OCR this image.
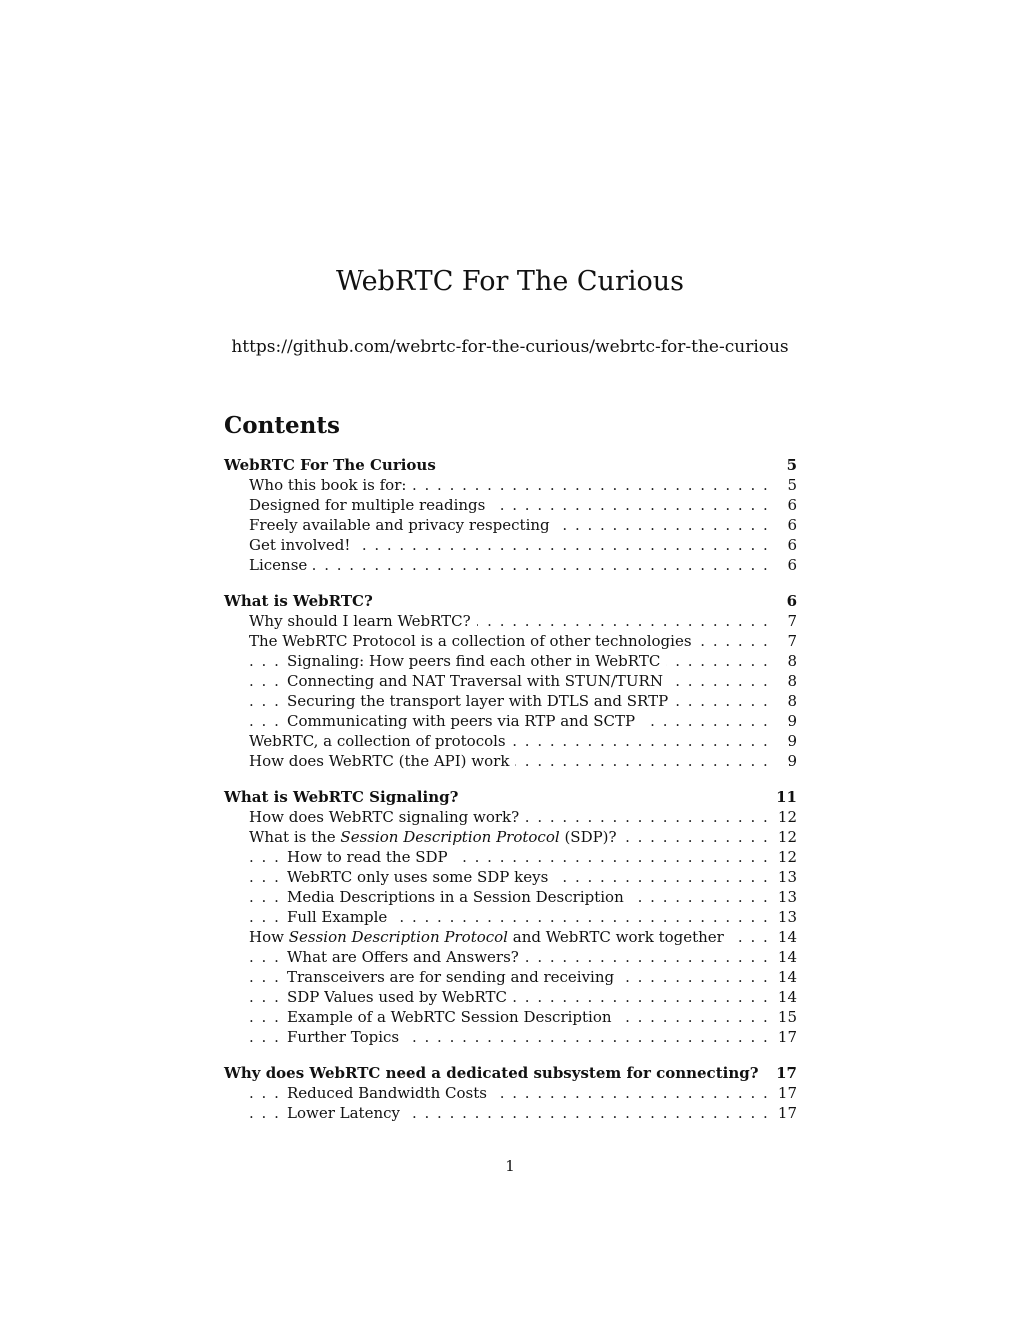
WebRTC For The Curious
https://github.com/webrtc-for-the-curious/webrtc-for-the-curious
Contents
WebRTC For The Curious	5
. . .
Who this book is for:	5
. . .
Designed for multiple readings	6
. . .
Freely available and privacy respecting	6
. . .
Get involved!	6
. . .
License	6
What is WebRTC?	6
. . .
Why should I learn WebRTC?	7
. . .
The WebRTC Protocol is a collection of other technologies	7
. . .
Signaling: How peers find each other in WebRTC	8
. . .
Connecting and NAT Traversal with STUN/TURN	8
. . .
Securing the transport layer with DTLS and SRTP	8
. . .
Communicating with peers via RTP and SCTP	9
. . .
WebRTC, a collection of protocols	9
. . .
How does WebRTC (the API) work	9
What is WebRTC Signaling?	11
. . .
How does WebRTC signaling work?	12
. . .
What is the Session Description Protocol (SDP)?	12
. . .
How to read the SDP	12
. . .
WebRTC only uses some SDP keys	13
. . .
Media Descriptions in a Session Description	13
. . .
Full Example	13
. . .
How Session Description Protocol and WebRTC work together	14
. . .
What are Offers and Answers?	14
. . .
Transceivers are for sending and receiving	14
. . .
SDP Values used by WebRTC	14
. . .
Example of a WebRTC Session Description	15
. . .
Further Topics	17
Why does WebRTC need a dedicated subsystem for connecting?	17
. . .
Reduced Bandwidth Costs	17
. . .
Lower Latency	17
1
